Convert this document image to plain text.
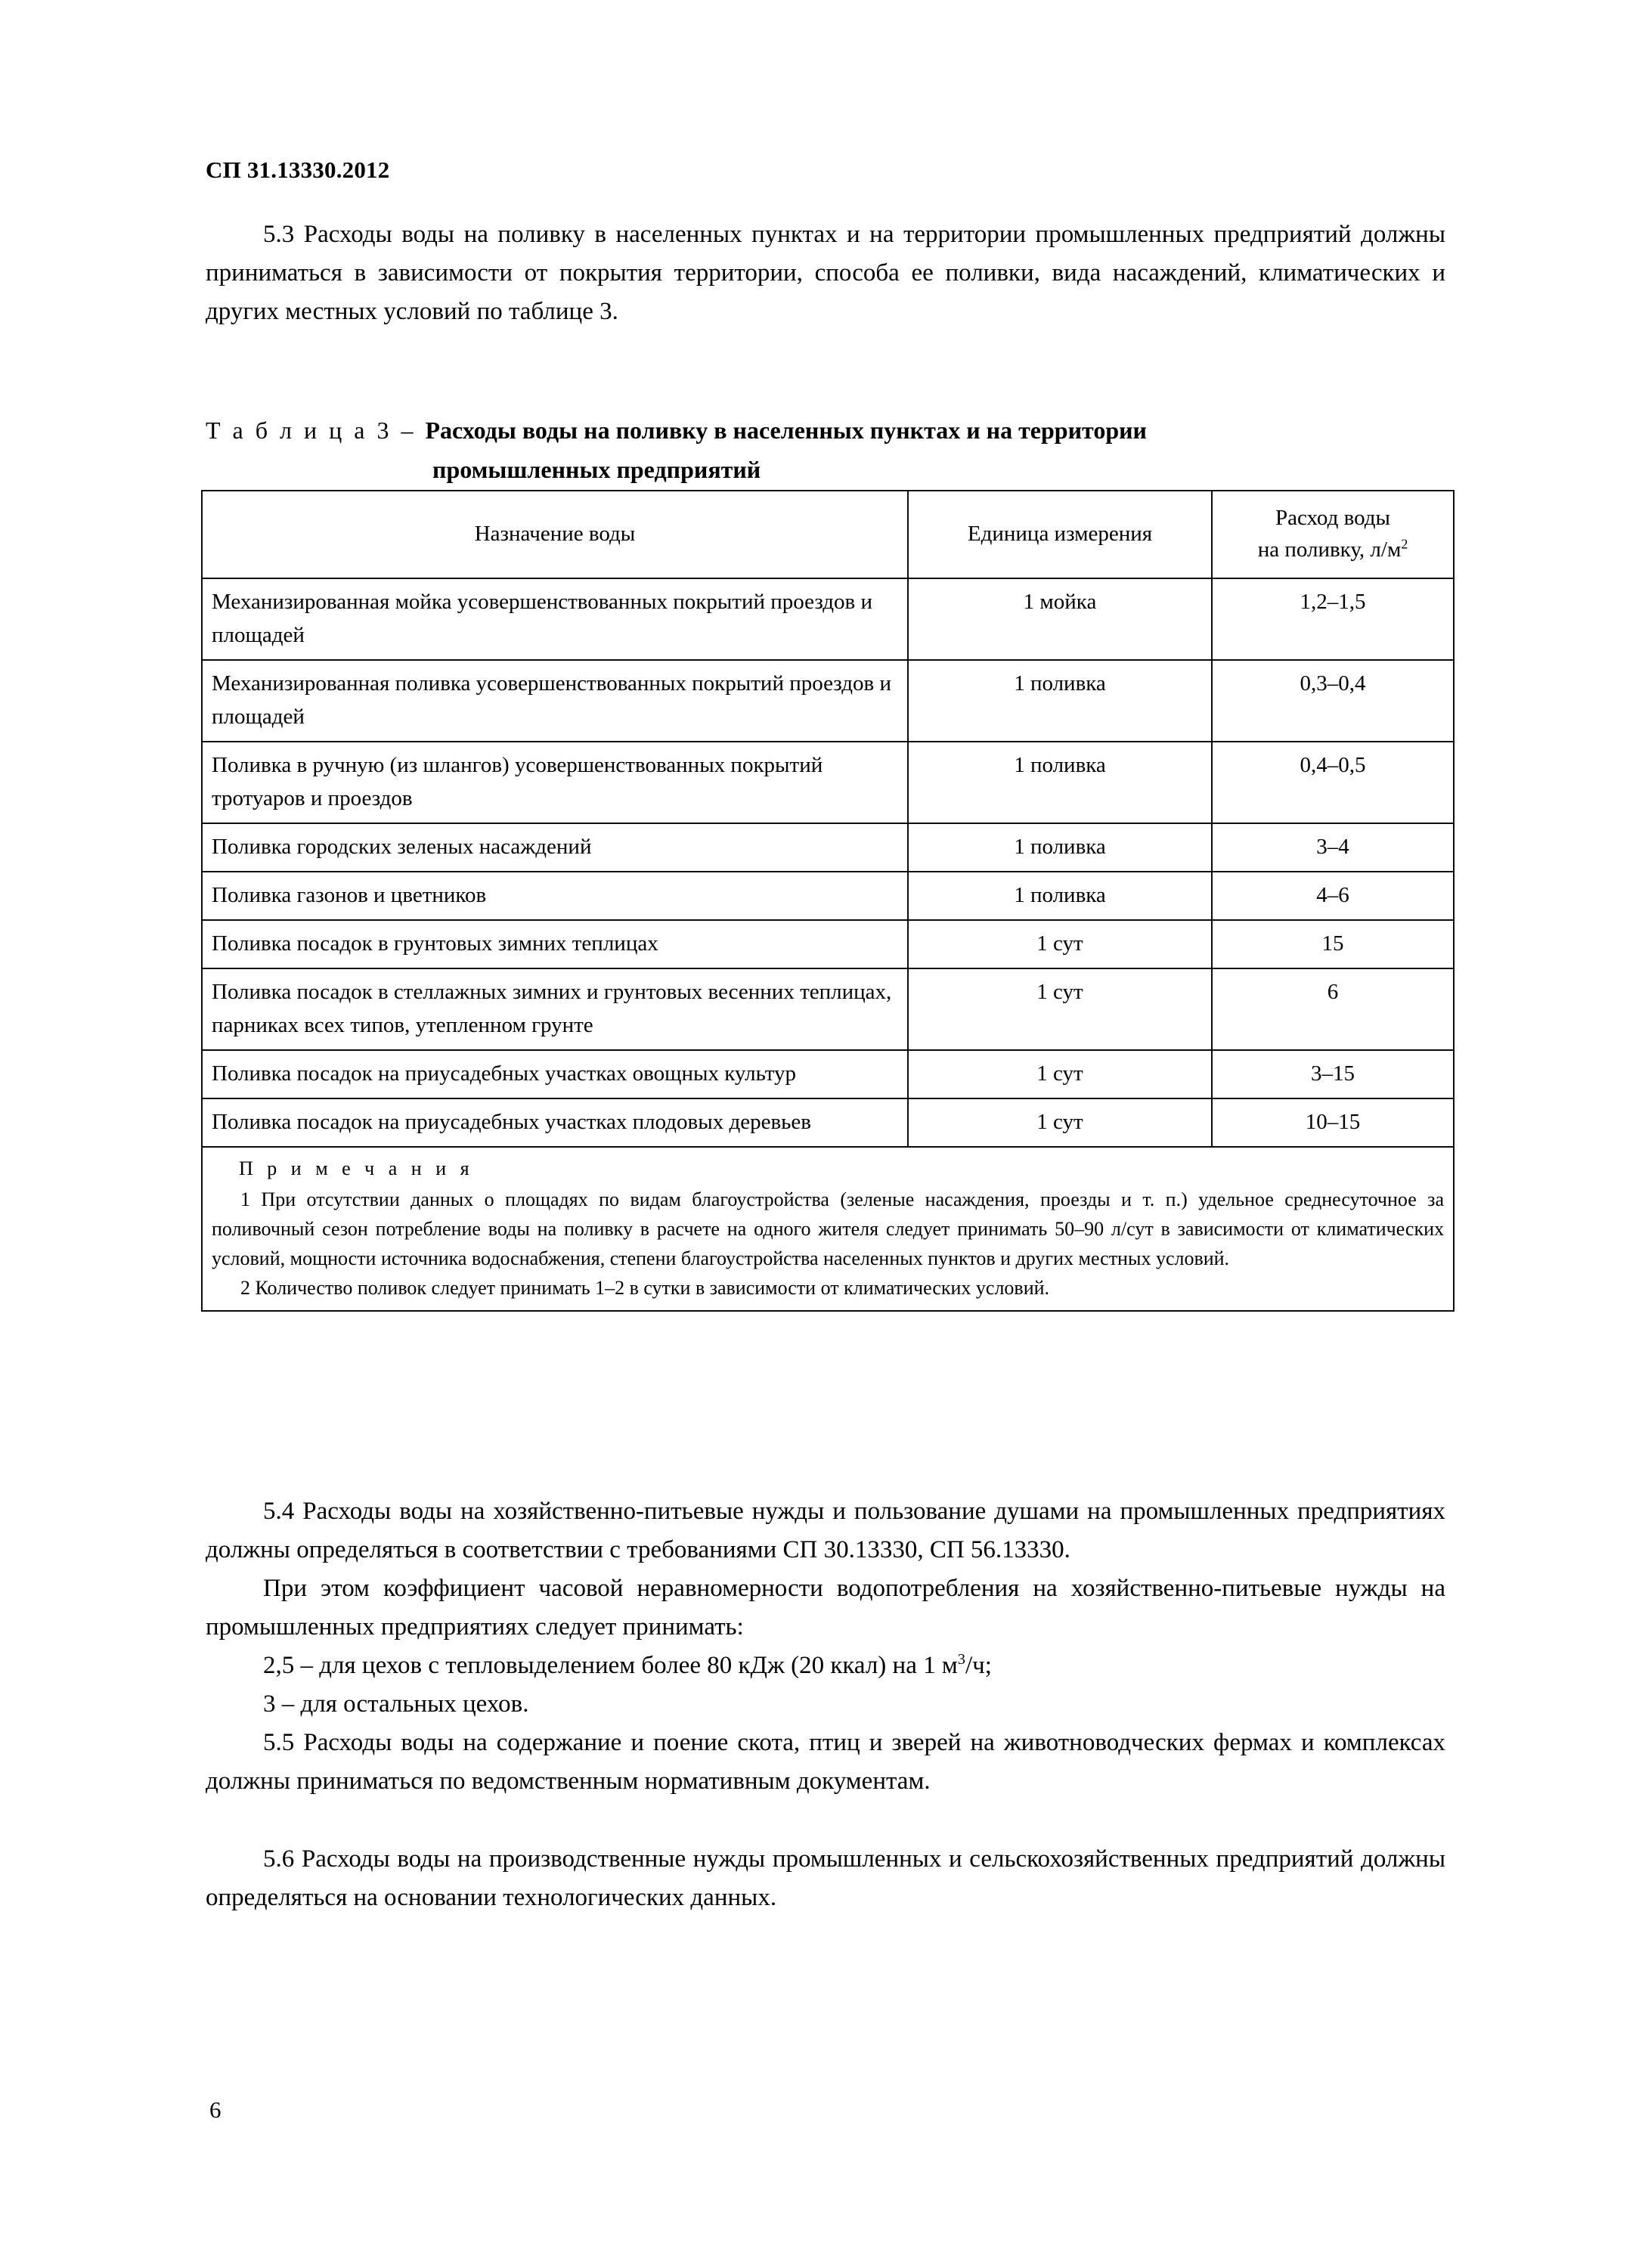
СП 31.13330.2012

5.3 Расходы воды на поливку в населенных пунктах и на территории промышленных предприятий должны приниматься в зависимости от покрытия территории, способа ее поливки, вида насаждений, климатических и других местных условий по таблице 3.

Т а б л и ц а 3 – Расходы воды на поливку в населенных пунктах и на территории
промышленных предприятий
Назначение воды	Единица измерения	Расход воды
на поливку, $л/м^2$
Механизированная мойка усовершенствованных покрытий проездов и площадей	1 мойка	1,2–1,5
Механизированная поливка усовершенствованных покрытий проездов и площадей	1 поливка	0,3–0,4
Поливка в ручную (из шлангов) усовершенствованных покрытий тротуаров и проездов	1 поливка	0,4–0,5
Поливка городских зеленых насаждений	1 поливка	3–4
Поливка газонов и цветников	1 поливка	4–6
Поливка посадок в грунтовых зимних теплицах	1 сут	15
Поливка посадок в стеллажных зимних и грунтовых весенних теплицах, парниках всех типов, утепленном грунте	1 сут	6
Поливка посадок на приусадебных участках овощных культур	1 сут	3–15
Поливка посадок на приусадебных участках плодовых деревьев	1 сут	10–15

П р и м е ч а н и я
1 При отсутствии данных о площадях по видам благоустройства (зеленые насаждения, проезды и т. п.) удельное среднесуточное за поливочный сезон потребление воды на поливку в расчете на одного жителя следует принимать 50–90 л/сут в зависимости от климатических условий, мощности источника водоснабжения, степени благоустройства населенных пунктов и других местных условий.
2 Количество поливок следует принимать 1–2 в сутки в зависимости от климатических условий.		

5.4 Расходы воды на хозяйственно-питьевые нужды и пользование душами на промышленных предприятиях должны определяться в соответствии с требованиями СП 30.13330, СП 56.13330.

При этом коэффициент часовой неравномерности водопотребления на хозяйственно-питьевые нужды на промышленных предприятиях следует принимать:

2,5 – для цехов с тепловыделением более 80 кДж (20 ккал) на 1 $м^3/ч$;

3 – для остальных цехов.

5.5 Расходы воды на содержание и поение скота, птиц и зверей на животноводческих фермах и комплексах должны приниматься по ведомственным нормативным документам.

5.6 Расходы воды на производственные нужды промышленных и сельскохозяйственных предприятий должны определяться на основании технологических данных.

6
